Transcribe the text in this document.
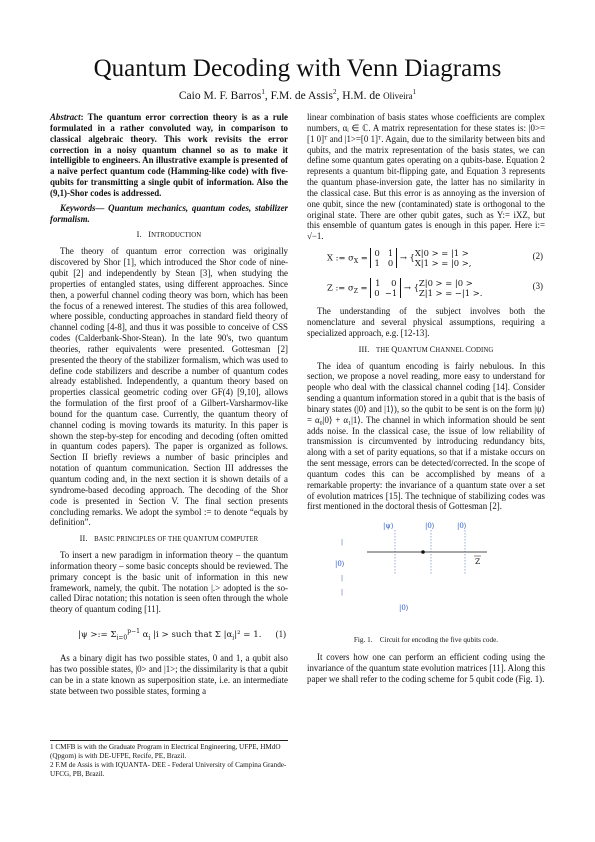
Quantum Decoding with Venn Diagrams
Caio M. F. Barros$^1$, F.M. de Assis$^2$, H.M. de Oliveira$^1$

Abstract: The quantum error correction theory is as a rule formulated in a rather convoluted way, in comparison to classical algebraic theory. This work revisits the error correction in a noisy quantum channel so as to make it intelligible to engineers. An illustrative example is presented of a naïve perfect quantum code (Hamming-like code) with five-qubits for transmitting a single qubit of information. Also the (9,1)-Shor codes is addressed.

Keywords— Quantum mechanics, quantum codes, stabilizer formalism.

I. INTRODUCTION

The theory of quantum error correction was originally discovered by Shor [1], which introduced the Shor code of nine-qubit [2] and independently by Stean [3], when studying the properties of entangled states, using different approaches. Since then, a powerful channel coding theory was born, which has been the focus of a renewed interest. The studies of this area followed, where possible, conducting approaches in standard field theory of channel coding [4-8], and thus it was possible to conceive of CSS codes (Calderbank-Shor-Stean). In the late 90's, two quantum theories, rather equivalents were presented. Gottesman [2] presented the theory of the stabilizer formalism, which was used to define code stabilizers and describe a number of quantum codes already established. Independently, a quantum theory based on properties classical geometric coding over GF(4) [9,10], allows the formulation of the first proof of a Gilbert-Varsharmov-like bound for the quantum case. Currently, the quantum theory of channel coding is moving towards its maturity. In this paper is shown the step-by-step for encoding and decoding (often omitted in quantum codes papers). The paper is organized as follows. Section II briefly reviews a number of basic principles and notation of quantum communication. Section III addresses the quantum coding and, in the next section it is shown details of a syndrome-based decoding approach. The decoding of the Shor code is presented in Section V. The final section presents concluding remarks. We adopt the symbol := to denote “equals by definition”.

II. BASIC PRINCIPLES OF THE QUANTUM COMPUTER

To insert a new paradigm in information theory – the quantum information theory – some basic concepts should be reviewed. The primary concept is the basic unit of information in this new framework, namely, the qubit. The notation |.> adopted is the so-called Dirac notation; this notation is seen often through the whole theory of quantum coding [11].

|ψ >:= $\Sigma_{i=0}^{p-1}$ $\alpha_i$ |i > such that Σ $|\alpha_i|^2 = 1$. (1)

As a binary digit has two possible states, 0 and 1, a qubit also has two possible states, |0> and |1>; the dissimilarity is that a qubit can be in a state known as superposition state, i.e. an intermediate state between two possible states, forming a

1 CMFB is with the Graduate Program in Electrical Engineering, UFPE, HMdO (Qpgom) is with DE-UFPE, Recife, PE, Brazil.

2 F.M de Assis is with IQUANTA- DEE - Federal University of Campina Grande-UFCG, PB, Brazil.

linear combination of basis states whose coefficients are complex numbers, αᵢ ∈ ℂ. A matrix representation for these states is: |0>=[1 0]ᵀ and |1>=[0 1]ᵀ. Again, due to the similarity between bits and qubits, and the matrix representation of the basis states, we can define some quantum gates operating on a qubits-base. Equation 2 represents a quantum bit-flipping gate, and Equation 3 represents the quantum phase-inversion gate, the latter has no similarity in the classical case. But this error is as annoying as the inversion of one qubit, since the new (contaminated) state is orthogonal to the original state. There are other qubit gates, such as Y:= iXZ, but this ensemble of quantum gates is enough in this paper. Here i:= √−1.

X := $\sigma_X = 0$ 1
1 0 → {X|0 > = |1 >
X|1 > = |0 >,
(2)
Z := $\sigma_Z = 1$ 0
0 −1 → {Z|0 > = |0 >
Z|1 > = −|1 >.
(3)

The understanding of the subject involves both the nomenclature and several physical assumptions, requiring a specialized approach, e.g. [12-13].

III. THE QUANTUM CHANNEL CODING

The idea of quantum encoding is fairly nebulous. In this section, we propose a novel reading, more easy to understand for people who deal with the classical channel coding [14]. Consider sending a quantum information stored in a qubit that is the basis of binary states (|0⟩ and |1⟩), so the qubit to be sent is on the form |ψ⟩ = α₀|0⟩ + α₁|1⟩. The channel in which information should be sent adds noise. In the classical case, the issue of low reliability of transmission is circumvented by introducing redundancy bits, along with a set of parity equations, so that if a mistake occurs on the sent message, errors can be detected/corrected. In the scope of quantum codes this can be accomplished by means of a remarkable property: the invariance of a quantum state over a set of evolution matrices [15]. The technique of stabilizing codes was first mentioned in the doctoral thesis of Gottesman [2].

|ψ⟩	|0⟩	|0⟩
|0⟩
|0⟩
|
|
|
Z
Fig. 1. Circuit for encoding the five qubits code.

It covers how one can perform an efficient coding using the invariance of the quantum state evolution matrices [11]. Along this paper we shall refer to the coding scheme for 5 qubit code (Fig. 1).
